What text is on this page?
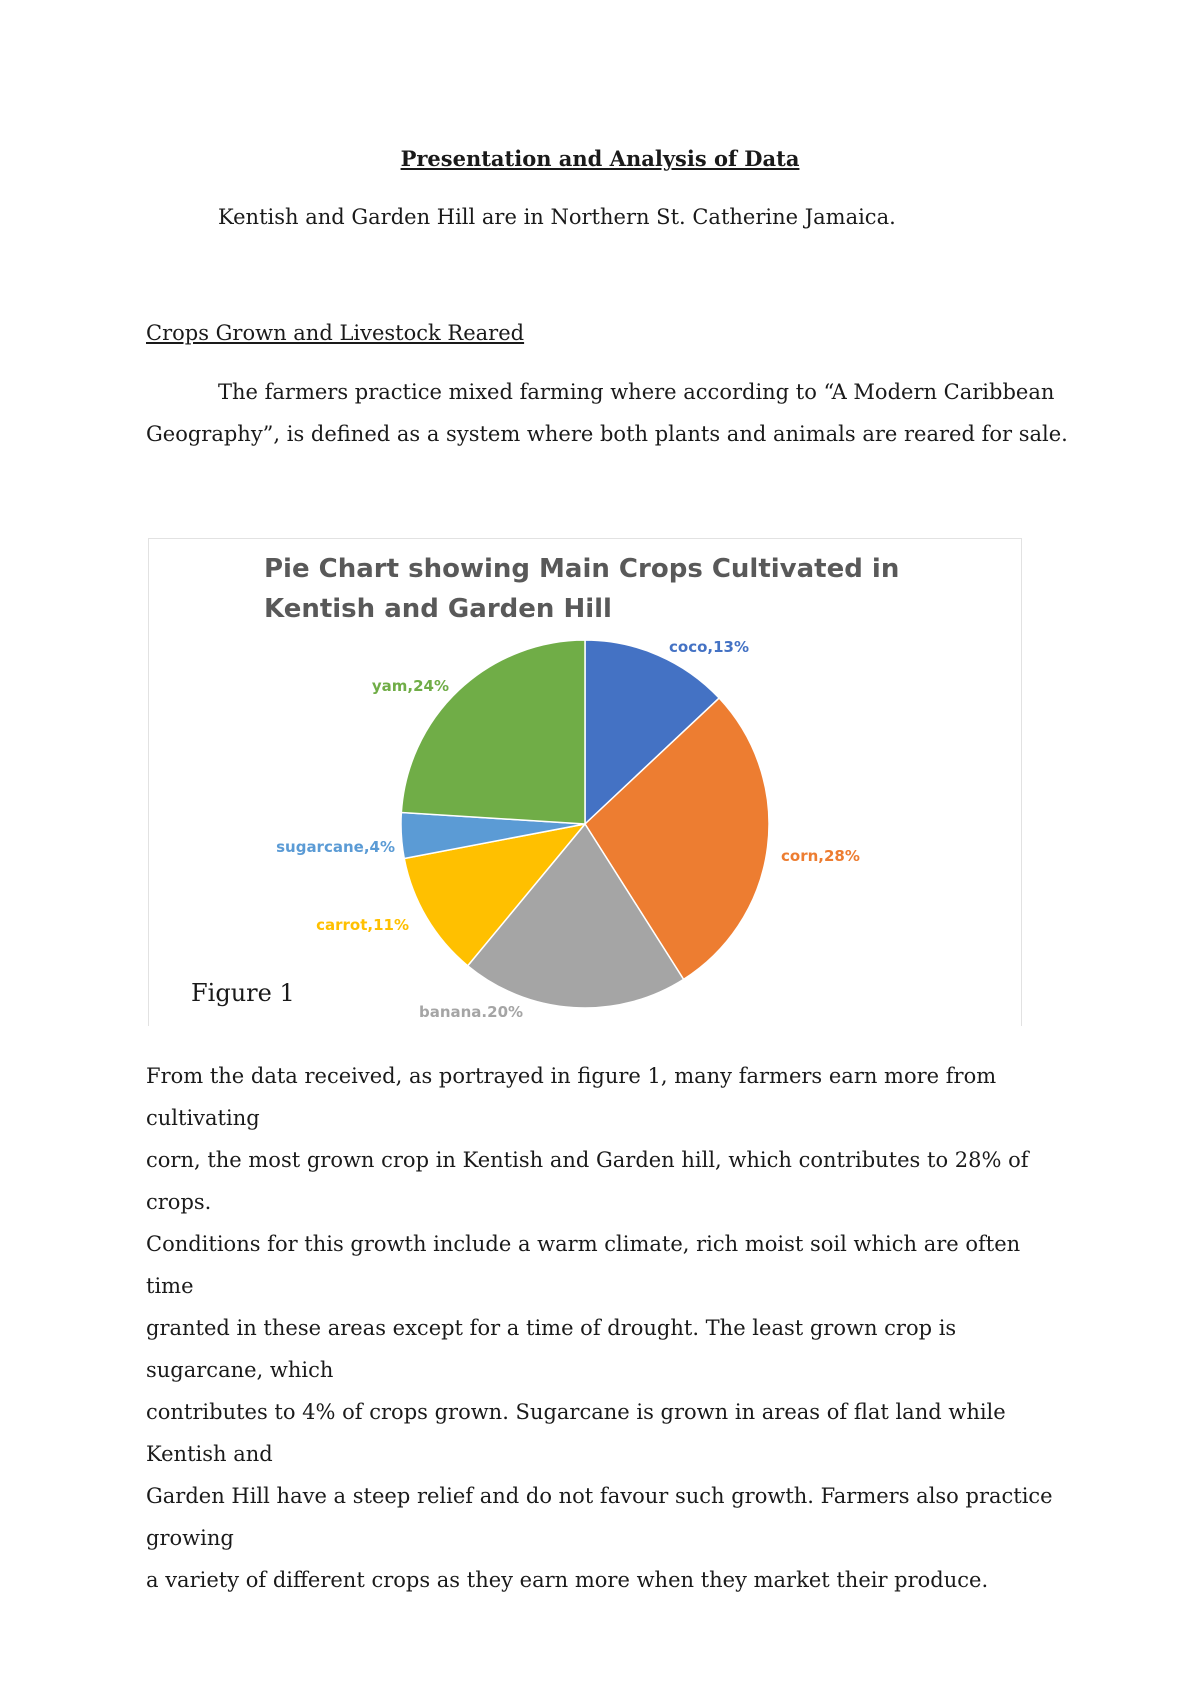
Presentation and Analysis of Data
Kentish and Garden Hill are in Northern St. Catherine Jamaica.
Crops Grown and Livestock Reared
The farmers practice mixed farming where according to “A Modern Caribbean
Geography”, is defined as a system where both plants and animals are reared for sale.
Pie Chart showing Main Crops Cultivated in Kentish and Garden Hill
coco,13%
corn,28%
banana.20%
carrot,11%
sugarcane,4%
yam,24%
Figure 1
From the data received, as portrayed in figure 1, many farmers earn more from cultivating
corn, the most grown crop in Kentish and Garden hill, which contributes to 28% of crops.
Conditions for this growth include a warm climate, rich moist soil which are often time
granted in these areas except for a time of drought. The least grown crop is sugarcane, which
contributes to 4% of crops grown. Sugarcane is grown in areas of flat land while Kentish and
Garden Hill have a steep relief and do not favour such growth. Farmers also practice growing
a variety of different crops as they earn more when they market their produce.
